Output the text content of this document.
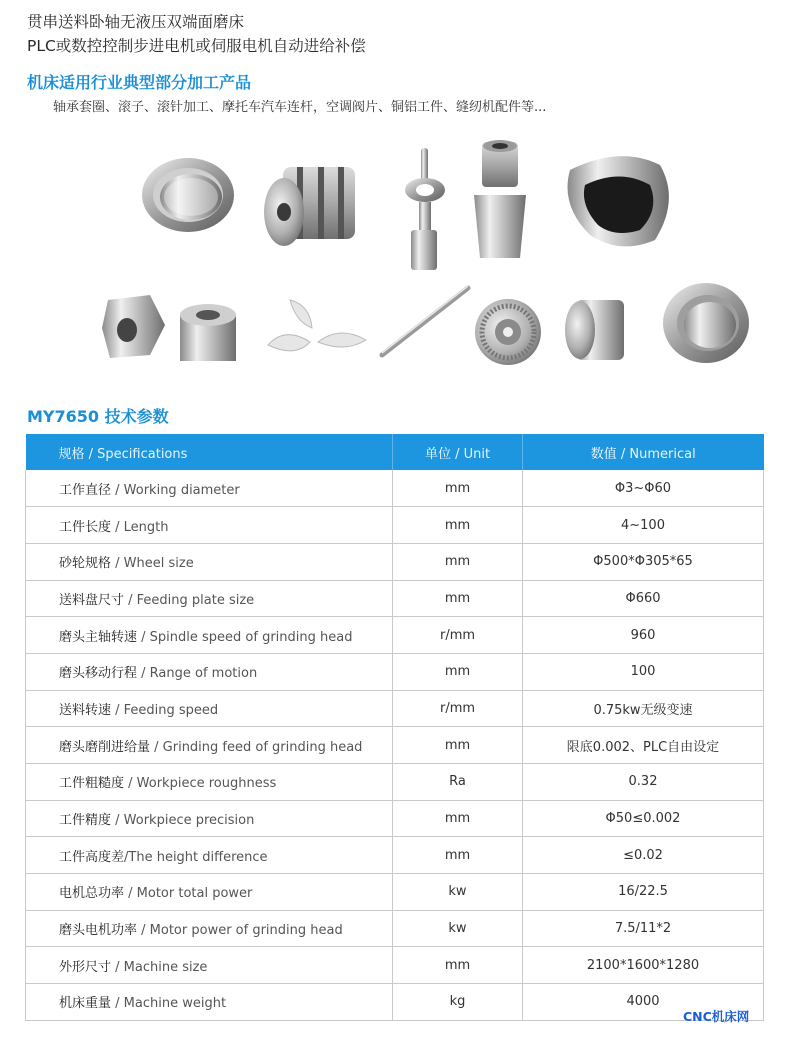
贯串送料卧轴无液压双端面磨床
PLC或数控控制步进电机或伺服电机自动进给补偿
机床适用行业典型部分加工产品
轴承套圈、滚子、滚针加工、摩托车汽车连杆，空调阀片、铜铝工件、缝纫机配件等...
MY7650 技术参数
规格 / Specifications	单位 / Unit	数值 / Numerical
工作直径 / Working diameter	mm	Φ3~Φ60
工件长度 / Length	mm	4~100
砂轮规格 / Wheel size	mm	Φ500*Φ305*65
送料盘尺寸 / Feeding plate size	mm	Φ660
磨头主轴转速 / Spindle speed of grinding head	r/mm	960
磨头移动行程 / Range of motion	mm	100
送料转速 / Feeding speed	r/mm	0.75kw无级变速
磨头磨削进给量 / Grinding feed of grinding head	mm	限底0.002、PLC自由设定
工件粗糙度 / Workpiece roughness	Ra	0.32
工件精度 / Workpiece precision	mm	Φ50≤0.002
工件高度差/The height difference	mm	≤0.02
电机总功率 / Motor total power	kw	16/22.5
磨头电机功率 / Motor power of grinding head	kw	7.5/11*2
外形尺寸 / Machine size	mm	2100*1600*1280
机床重量 / Machine weight	kg	4000
CNC机床网
